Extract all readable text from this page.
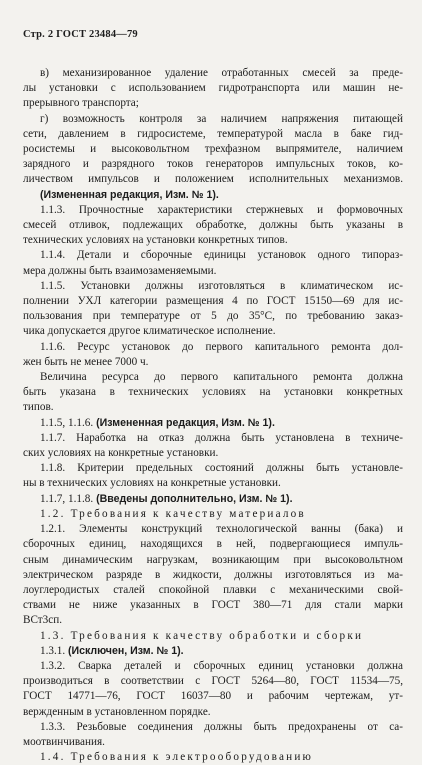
Стр. 2 ГОСТ 23484—79
в) механизированное удаление отработанных смесей за преде-
лы установки с использованием гидротранспорта или машин не-
прерывного транспорта;
г) возможность контроля за наличием напряжения питающей
сети, давлением в гидросистеме, температурой масла в баке гид-
росистемы и высоковольтном трехфазном выпрямителе, наличием
зарядного и разрядного токов генераторов импульсных токов, ко-
личеством импульсов и положением исполнительных механизмов.
(Измененная редакция, Изм. № 1).
1.1.3. Прочностные характеристики стержневых и формовочных
смесей отливок, подлежащих обработке, должны быть указаны в
технических условиях на установки конкретных типов.
1.1.4. Детали и сборочные единицы установок одного типораз-
мера должны быть взаимозаменяемыми.
1.1.5. Установки должны изготовляться в климатическом ис-
полнении УХЛ категории размещения 4 по ГОСТ 15150—69 для ис-
пользования при температуре от 5 до 35°С, по требованию заказ-
чика допускается другое климатическое исполнение.
1.1.6. Ресурс установок до первого капитального ремонта дол-
жен быть не менее 7000 ч.
Величина ресурса до первого капитального ремонта должна
быть указана в технических условиях на установки конкретных
типов.
1.1.5, 1.1.6. (Измененная редакция, Изм. № 1).
1.1.7. Наработка на отказ должна быть установлена в техниче-
ских условиях на конкретные установки.
1.1.8. Критерии предельных состояний должны быть установле-
ны в технических условиях на конкретные установки.
1.1.7, 1.1.8. (Введены дополнительно, Изм. № 1).
1.2. Требования к качеству материалов
1.2.1. Элементы конструкций технологической ванны (бака) и
сборочных единиц, находящихся в ней, подвергающиеся импуль-
сным динамическим нагрузкам, возникающим при высоковольтном
электрическом разряде в жидкости, должны изготовляться из ма-
лоуглеродистых сталей спокойной плавки с механическими свой-
ствами не ниже указанных в ГОСТ 380—71 для стали марки
ВСт3сп.
1.3. Требования к качеству обработки и сборки
1.3.1. (Исключен, Изм. № 1).
1.3.2. Сварка деталей и сборочных единиц установки должна
производиться в соответствии с ГОСТ 5264—80, ГОСТ 11534—75,
ГОСТ 14771—76, ГОСТ 16037—80 и рабочим чертежам, ут-
вержденным в установленном порядке.
1.3.3. Резьбовые соединения должны быть предохранены от са-
моотвинчивания.
1.4. Требования к электрооборудованию
